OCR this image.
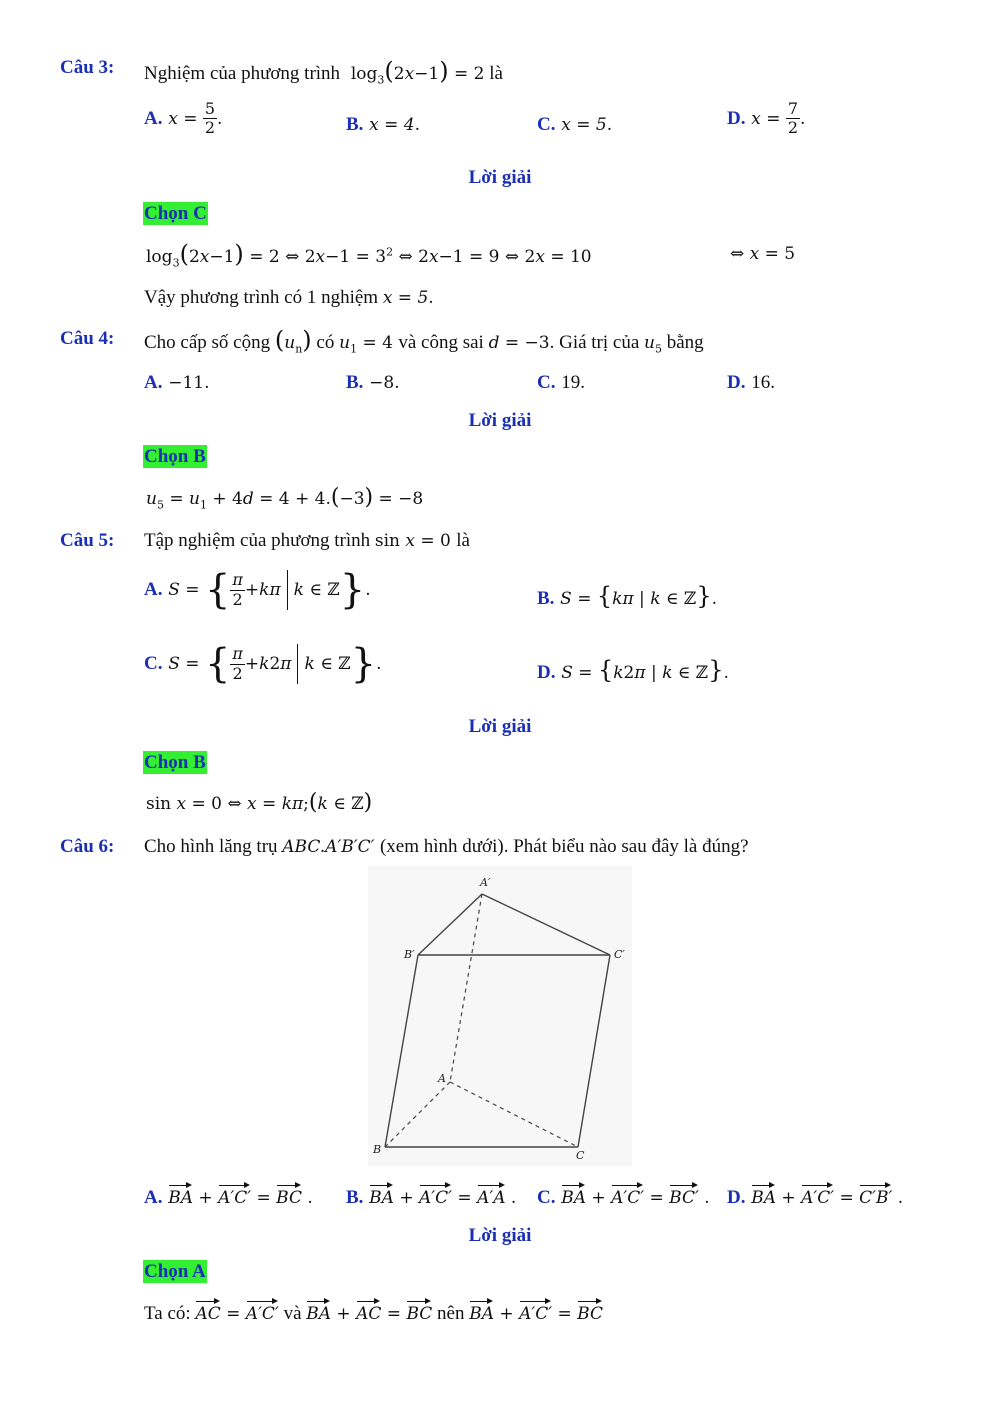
Câu 3: Nghiệm của phương trình $\log_3(2x-1) = 2$ là
A. $x = \frac{5}{2}$ .	B. x = 4.	C. x = 5.	D. $x = \frac{7}{2}$ .
Lời giải
Chọn C
$\log_3(2x-1) = 2$ ⇔ $2x-1 = 3^2$ ⇔ 2x−1 = 9 ⇔ 2x = 10	⇔ x = 5
Vậy phương trình có 1 nghiệm x = 5.
Câu 4: Cho cấp số cộng $(u_n)$ có $u_1 = 4$ và công sai d = −3. Giá trị của $u_5$ bằng
A. −11.	B. −8.	C. 19.	D. 16.
Lời giải
Chọn B
$u_5 = u_1 + 4d = 4 + 4.(-3) = -8$
Câu 5: Tập nghiệm của phương trình sin x = 0 là
A. S = { $\frac{\pi}{2} +k\pi$ k ∈ ℤ}.	B. S = {kπ | k ∈ ℤ}.
C. S = { $\frac{\pi}{2} +k2\pi$ k ∈ ℤ}.	D. S = {k2π | k ∈ ℤ}.
Lời giải
Chọn B
sin x = 0 ⇔ x = kπ;(k ∈ ℤ)
Câu 6: Cho hình lăng trụ ABC.A′B′C′ (xem hình dưới). Phát biểu nào sau đây là đúng?
A′
B′	C′
A
B	C
A. BA + A′C′ = BC . B. BA + A′C′ = A′A . C. BA + A′C′ = BC′ . D. BA + A′C′ = C′B′ .
Lời giải
Chọn A
Ta có: AC = A′C′ và BA + AC = BC nên BA + A′C′ = BC
